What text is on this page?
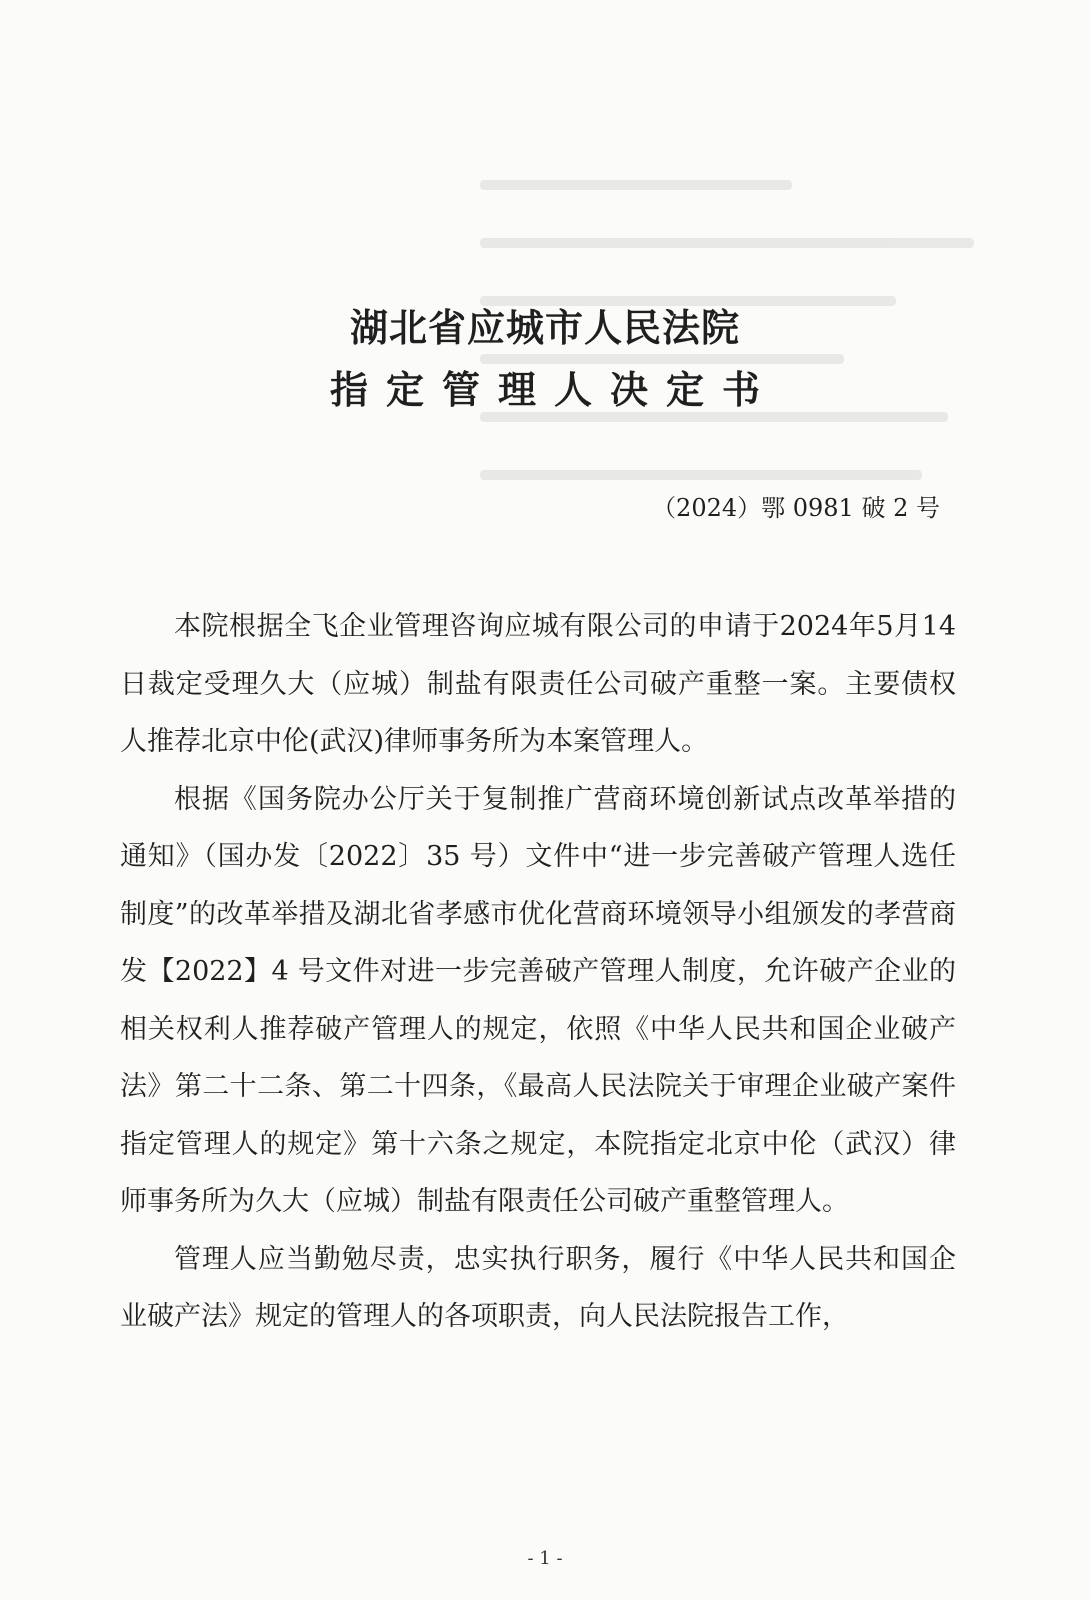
湖北省应城市人民法院
指定管理人决定书

（2024）鄂 0981 破 2 号

本院根据全飞企业管理咨询应城有限公司的申请于2024年5月14日裁定受理久大（应城）制盐有限责任公司破产重整一案。主要债权人推荐北京中伦(武汉)律师事务所为本案管理人。

根据《国务院办公厅关于复制推广营商环境创新试点改革举措的通知》（国办发〔2022〕35 号）文件中“进一步完善破产管理人选任制度”的改革举措及湖北省孝感市优化营商环境领导小组颁发的孝营商发【2022】4 号文件对进一步完善破产管理人制度，允许破产企业的相关权利人推荐破产管理人的规定，依照《中华人民共和国企业破产法》第二十二条、第二十四条，《最高人民法院关于审理企业破产案件指定管理人的规定》第十六条之规定，本院指定北京中伦（武汉）律师事务所为久大（应城）制盐有限责任公司破产重整管理人。

管理人应当勤勉尽责，忠实执行职务，履行《中华人民共和国企业破产法》规定的管理人的各项职责，向人民法院报告工作，

- 1 -
